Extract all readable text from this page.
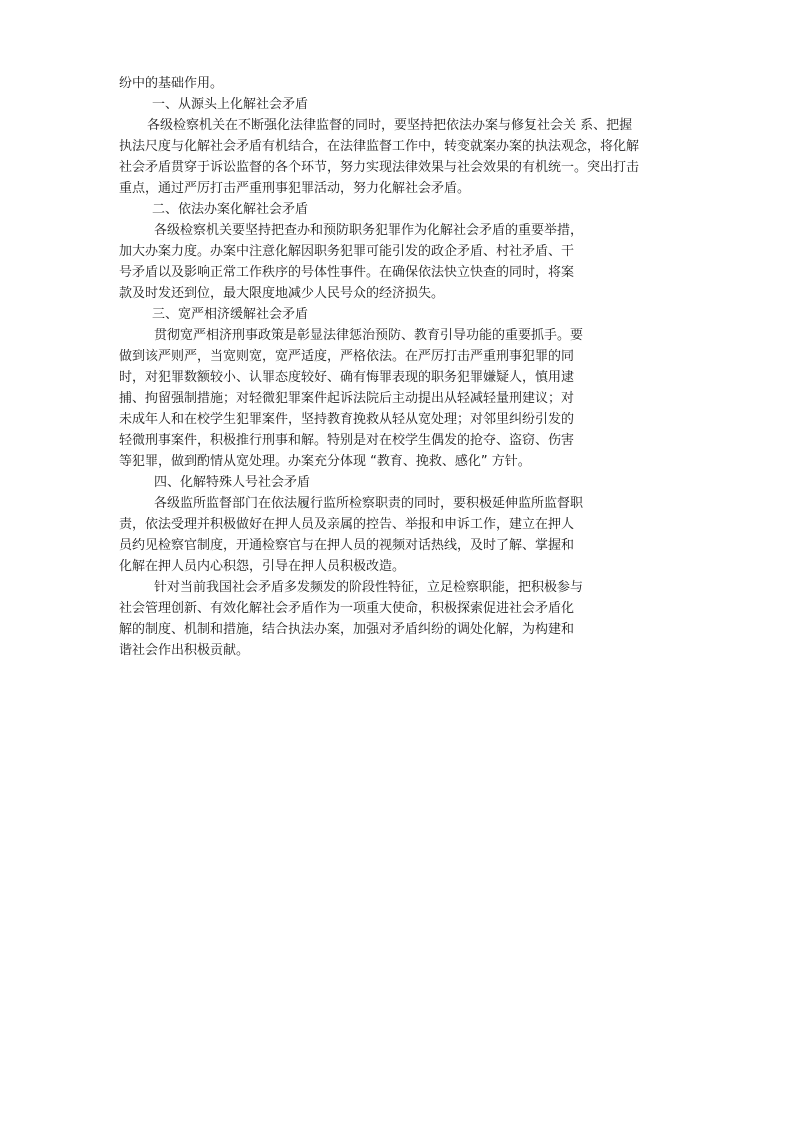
纷中的基础作用。
一、从源头上化解社会矛盾
各级检察机关在不断强化法律监督的同时，要坚持把依法办案与修复社会关 系、把握
执法尺度与化解社会矛盾有机结合，在法律监督工作中，转变就案办案的执法观念，将化解
社会矛盾贯穿于诉讼监督的各个环节，努力实现法律效果与社会效果的有机统一。突出打击
重点，通过严厉打击严重刑事犯罪活动，努力化解社会矛盾。
二、依法办案化解社会矛盾
各级检察机关要坚持把查办和预防职务犯罪作为化解社会矛盾的重要举措，
加大办案力度。办案中注意化解因职务犯罪可能引发的政企矛盾、村社矛盾、干
号矛盾以及影响正常工作秩序的号体性事件。在确保依法快立快查的同时，将案
款及时发还到位，最大限度地减少人民号众的经济损失。
三、宽严相济缓解社会矛盾
贯彻宽严相济刑事政策是彰显法律惩治预防、教育引导功能的重要抓手。要
做到该严则严，当宽则宽，宽严适度，严格依法。在严厉打击严重刑事犯罪的同
时，对犯罪数额较小、认罪态度较好、确有悔罪表现的职务犯罪嫌疑人，慎用逮
捕、拘留强制措施；对轻微犯罪案件起诉法院后主动提出从轻减轻量刑建议；对
未成年人和在校学生犯罪案件，坚持教育挽救从轻从宽处理；对邻里纠纷引发的
轻微刑事案件，积极推行刑事和解。特别是对在校学生偶发的抢夺、盗窃、伤害
等犯罪，做到酌情从宽处理。办案充分体现 “教育、挽救、感化” 方针。
四、化解特殊人号社会矛盾
各级监所监督部门在依法履行监所检察职责的同时，要积极延伸监所监督职
责，依法受理并积极做好在押人员及亲属的控告、举报和申诉工作，建立在押人
员约见检察官制度，开通检察官与在押人员的视频对话热线，及时了解、掌握和
化解在押人员内心积怨，引导在押人员积极改造。
针对当前我国社会矛盾多发频发的阶段性特征，立足检察职能，把积极参与
社会管理创新、有效化解社会矛盾作为一项重大使命，积极探索促进社会矛盾化
解的制度、机制和措施，结合执法办案，加强对矛盾纠纷的调处化解，为构建和
谐社会作出积极贡献。
